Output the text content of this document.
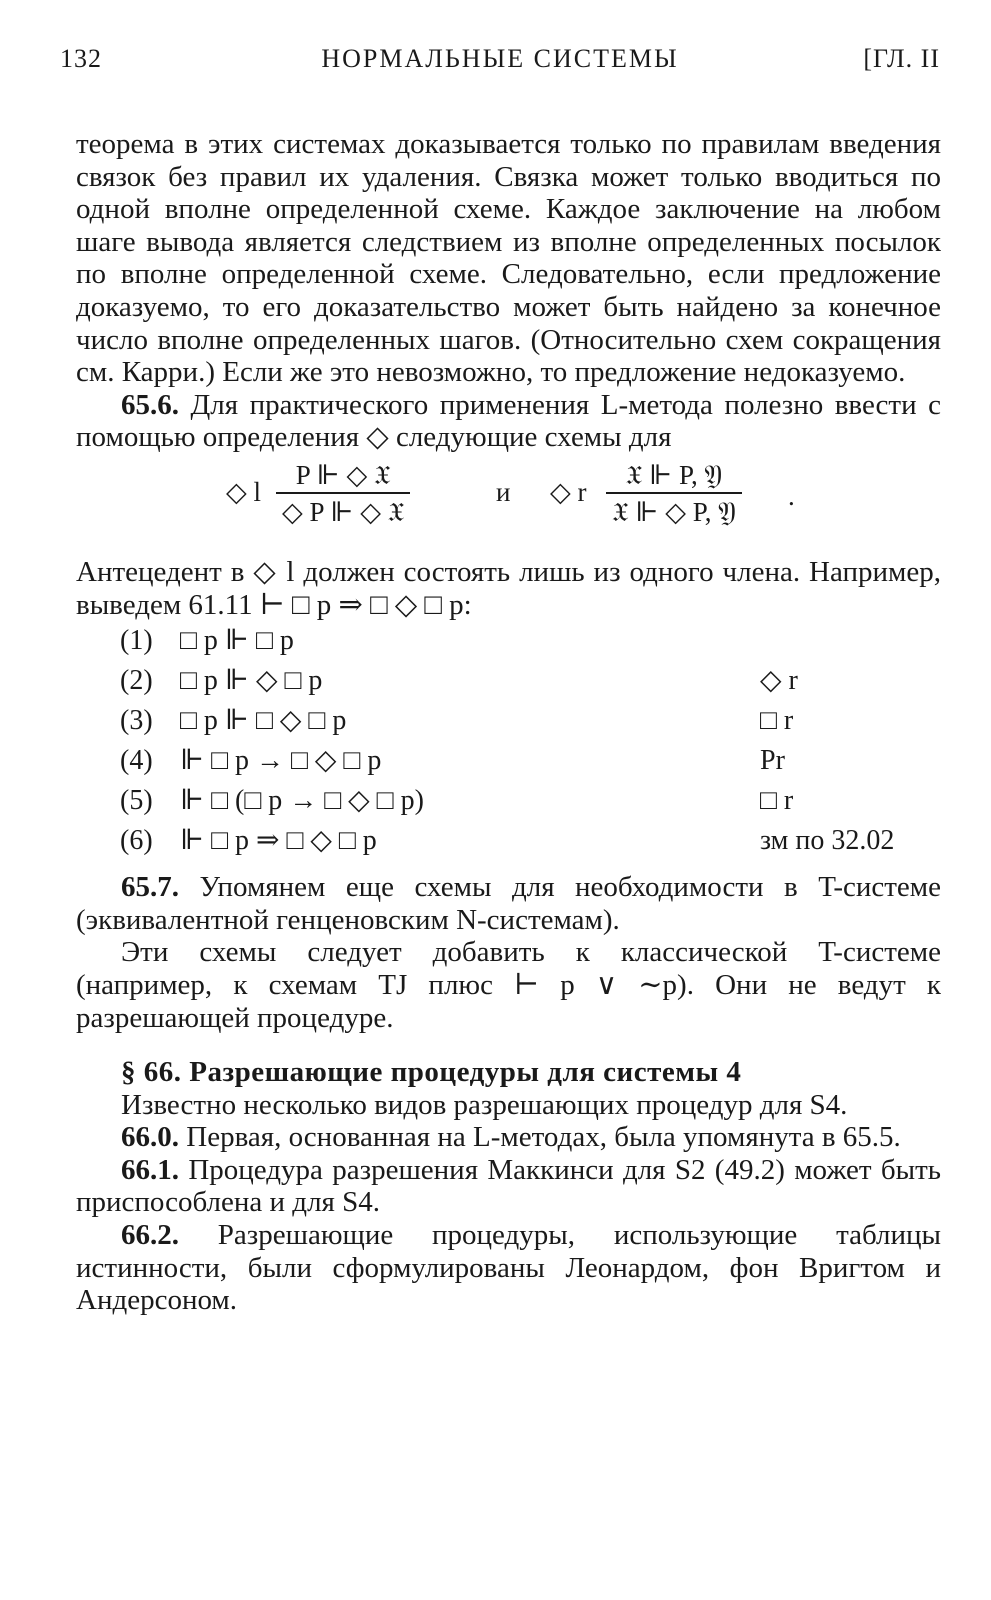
132	НОРМАЛЬНЫЕ СИСТЕМЫ	[ГЛ. II

теорема в этих системах доказывается только по правилам введения связок без правил их удаления. Связка может только вводиться по одной вполне определенной схеме. Каждое заключение на любом шаге вывода является следствием из вполне определенных посылок по вполне определенной схеме. Следовательно, если предложение доказуемо, то его доказательство может быть найдено за конечное число вполне определенных шагов. (Относительно схем сокращения см. Карри.) Если же это невозможно, то предложение недоказуемо.

65.6. Для практического применения L-метода полезно ввести с помощью определения ◇ следующие схемы для

◇ l
P ⊩ ◇ 𝔛
◇ P ⊩ ◇ 𝔛
и ◇ r
𝔛 ⊩ P, 𝔜
𝔛 ⊩ ◇ P, 𝔜
.

Антецедент в ◇ l должен состоять лишь из одного члена. Например, выведем 61.11 ⊢ □ p ⇒ □ ◇ □ p:

(1) □ p ⊩ □ p
(2) □ p ⊩ ◇ □ p	◇ r
(3) □ p ⊩ □ ◇ □ p	□ r
(4) ⊩ □ p → □ ◇ □ p	Pr
(5) ⊩ □ (□ p → □ ◇ □ p)	□ r
(6) ⊩ □ p ⇒ □ ◇ □ p	зм по 32.02

65.7. Упомянем еще схемы для необходимости в T-системе (эквивалентной генценовским N-системам).

Эти схемы следует добавить к классической T-системе (например, к схемам TJ плюс ⊢ p ∨ ∼p). Они не ведут к разрешающей процедуре.

§ 66. Разрешающие процедуры для системы 4

Известно несколько видов разрешающих процедур для S4.

66.0. Первая, основанная на L-методах, была упомянута в 65.5.

66.1. Процедура разрешения Маккинси для S2 (49.2) может быть приспособлена и для S4.

66.2. Разрешающие процедуры, использующие таблицы истинности, были сформулированы Леонардом, фон Вригтом и Андерсоном.
